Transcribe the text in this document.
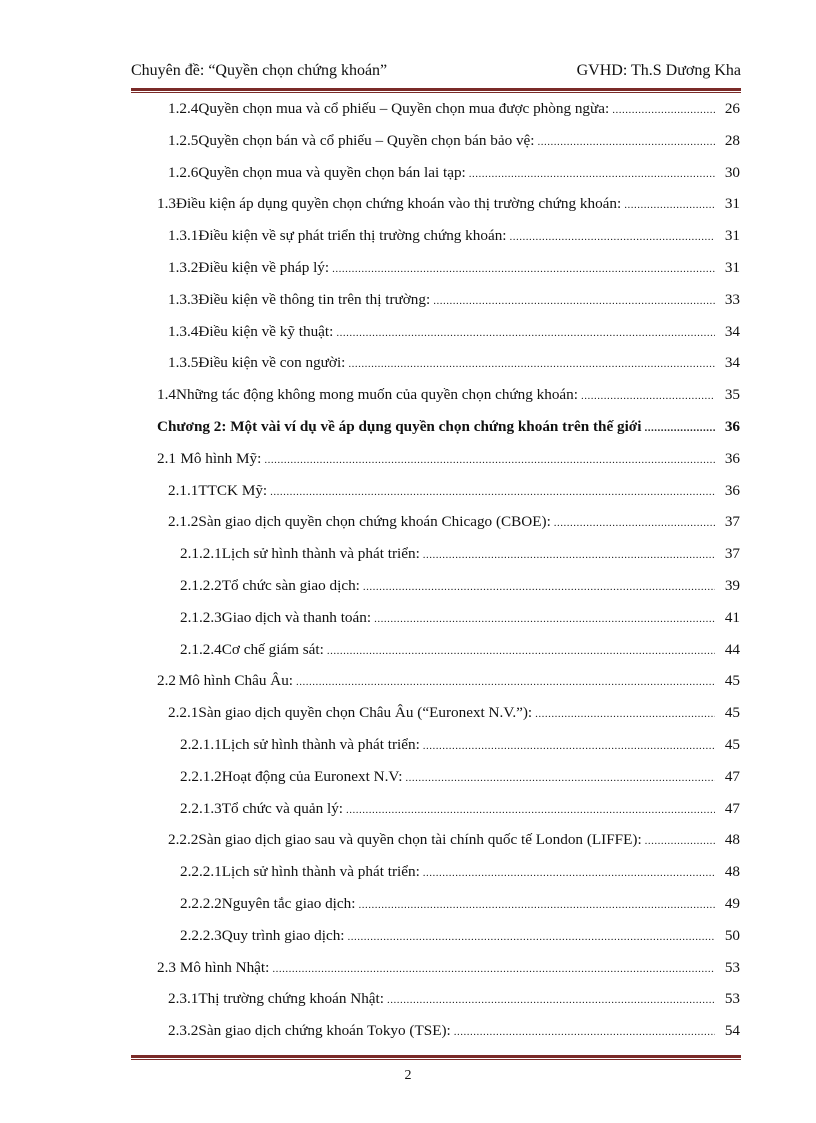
Chuyên đề: “Quyền chọn chứng khoán”	GVHD: Th.S Dương Kha
1.2.4 Quyền chọn mua và cổ phiếu – Quyền chọn mua được phòng ngừa: .....	26
1.2.5 Quyền chọn bán và cổ phiếu – Quyền chọn bán bảo vệ: .....	28
1.2.6 Quyền chọn mua và quyền chọn bán lai tạp: .....	30
1.3 Điều kiện áp dụng quyền chọn chứng khoán vào thị trường chứng khoán: .....	31
1.3.1 Điều kiện về sự phát triển thị trường chứng khoán: .....	31
1.3.2 Điều kiện về pháp lý: .....	31
1.3.3 Điều kiện về thông tin trên thị trường: .....	33
1.3.4 Điều kiện về kỹ thuật: .....	34
1.3.5 Điều kiện về con người: .....	34
1.4 Những tác động không mong muốn của quyền chọn chứng khoán: .....	35
Chương 2: Một vài ví dụ về áp dụng quyền chọn chứng khoán trên thế giới .....	36
2.1 Mô hình Mỹ: .....	36
2.1.1 TTCK Mỹ: .....	36
2.1.2 Sàn giao dịch quyền chọn chứng khoán Chicago (CBOE): .....	37
2.1.2.1 Lịch sử hình thành và phát triển: .....	37
2.1.2.2 Tổ chức sàn giao dịch: .....	39
2.1.2.3 Giao dịch và thanh toán: .....	41
2.1.2.4 Cơ chế giám sát: .....	44
2.2 Mô hình Châu Âu: .....	45
2.2.1 Sàn giao dịch quyền chọn Châu Âu (“Euronext N.V.”): .....	45
2.2.1.1 Lịch sử hình thành và phát triển: .....	45
2.2.1.2 Hoạt động của Euronext N.V: .....	47
2.2.1.3 Tổ chức và quản lý: .....	47
2.2.2 Sàn giao dịch giao sau và quyền chọn tài chính quốc tế London (LIFFE): .....	48
2.2.2.1 Lịch sử hình thành và phát triển: .....	48
2.2.2.2 Nguyên tắc giao dịch: .....	49
2.2.2.3 Quy trình giao dịch: .....	50
2.3 Mô hình Nhật: .....	53
2.3.1 Thị trường chứng khoán Nhật: .....	53
2.3.2 Sàn giao dịch chứng khoán Tokyo (TSE): .....	54
2
